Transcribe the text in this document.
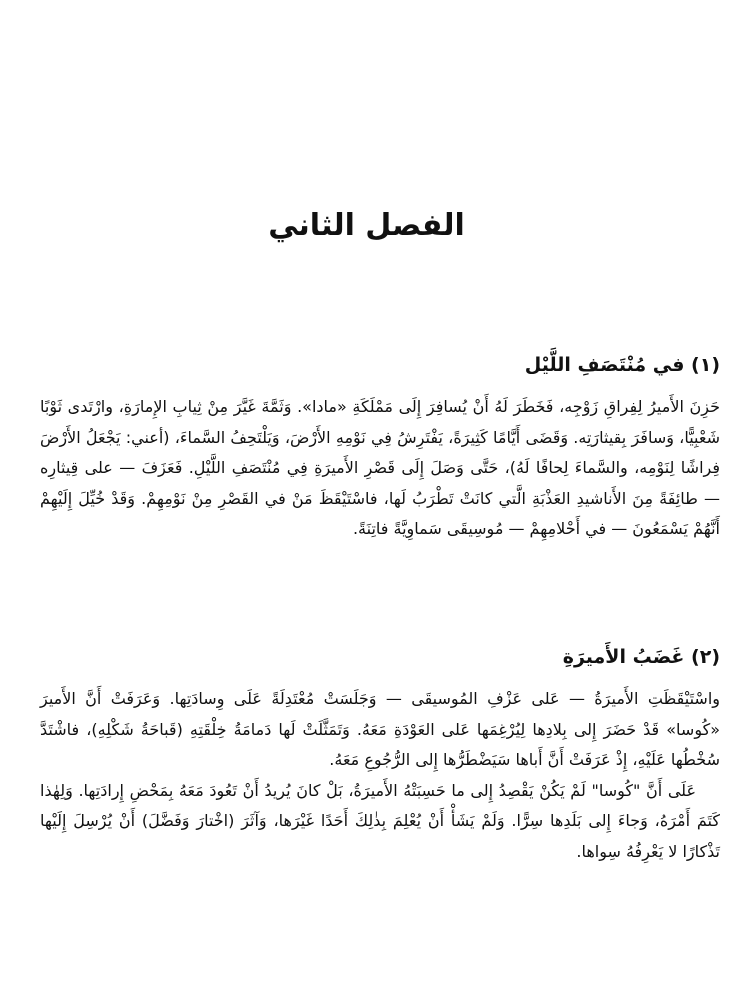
الفصل الثاني
(١) في مُنْتَصَفِ اللَّيْل

حَزِنَ الأَميرُ لِفِراقِ زَوْجِه، فَخَطَرَ لَهُ أَنْ يُسافِرَ إِلَى مَمْلَكَةِ «مادا». وَثَمَّةَ غَيَّرَ مِنْ ثِيابِ الإِمارَةِ، وارْتَدى ثَوْبًا شَعْبِيًّا، وَسافَرَ بِقيثارَتِه. وَقَضَى أَيَّامًا كَثِيرَةً، يَفْتَرِشُ فِي نَوْمِهِ الأَرْضَ، وَيَلْتَحِفُ السَّماءَ، (أعني: يَجْعَلُ الأَرْضَ فِراشًا لِنَوْمِه، والسَّماءَ لِحافًا لَهُ)، حَتَّى وَصَلَ إِلَى قَصْرِ الأَميرَةِ فِي مُنْتَصَفِ اللَّيْلِ. فَعَزَفَ — على قِيثارِه — طائِفَةً مِنَ الأَناشيدِ العَذْبَةِ الَّتي كانَتْ تَطْرَبُ لَها، فاسْتَيْقَظَ مَنْ في القَصْرِ مِنْ نَوْمِهِمْ. وَقَدْ خُيِّلَ إِلَيْهِمْ أَنَّهُمْ يَسْمَعُونَ — في أَحْلامِهِمْ — مُوسِيقَى سَماوِيَّةً فاتِنَةً.

(٢) غَضَبُ الأَميرَةِ

واسْتَيْقَظَتِ الأَميرَةُ — عَلى عَزْفِ المُوسيقَى — وَجَلَسَتْ مُعْتَدِلَةً عَلَى وِسادَتِها. وَعَرَفَتْ أَنَّ الأَميرَ «كُوسا» قَدْ حَضَرَ إِلى بِلادِها لِيُرْغِمَها عَلى العَوْدَةِ مَعَهُ. وَتَمَثَّلَتْ لَها دَمامَةُ خِلْقَتِهِ (قَباحَةُ شَكْلِهِ)، فاشْتَدَّ سُخْطُها عَلَيْهِ، إِذْ عَرَفَتْ أَنَّ أَباها سَيَضْطَرُّها إِلى الرُّجُوعِ مَعَهُ.

عَلَى أَنَّ "كُوسا" لَمْ يَكُنْ يَقْصِدُ إِلى ما حَسِبَتْهُ الأَميرَةُ، بَلْ كانَ يُريدُ أَنْ تَعُودَ مَعَهُ بِمَحْضِ إِرادَتِها. وَلِهٰذا كَتَمَ أَمْرَهُ، وَجاءَ إِلى بَلَدِها سِرًّا. وَلَمْ يَشَأْ أَنْ يُعْلِمَ بِذٰلِكَ أَحَدًا غَيْرَها، وَآثَرَ (اخْتارَ وَفَضَّلَ) أَنْ يُرْسِلَ إِلَيْها تَذْكارًا لا يَعْرِفُهُ سِواها.
